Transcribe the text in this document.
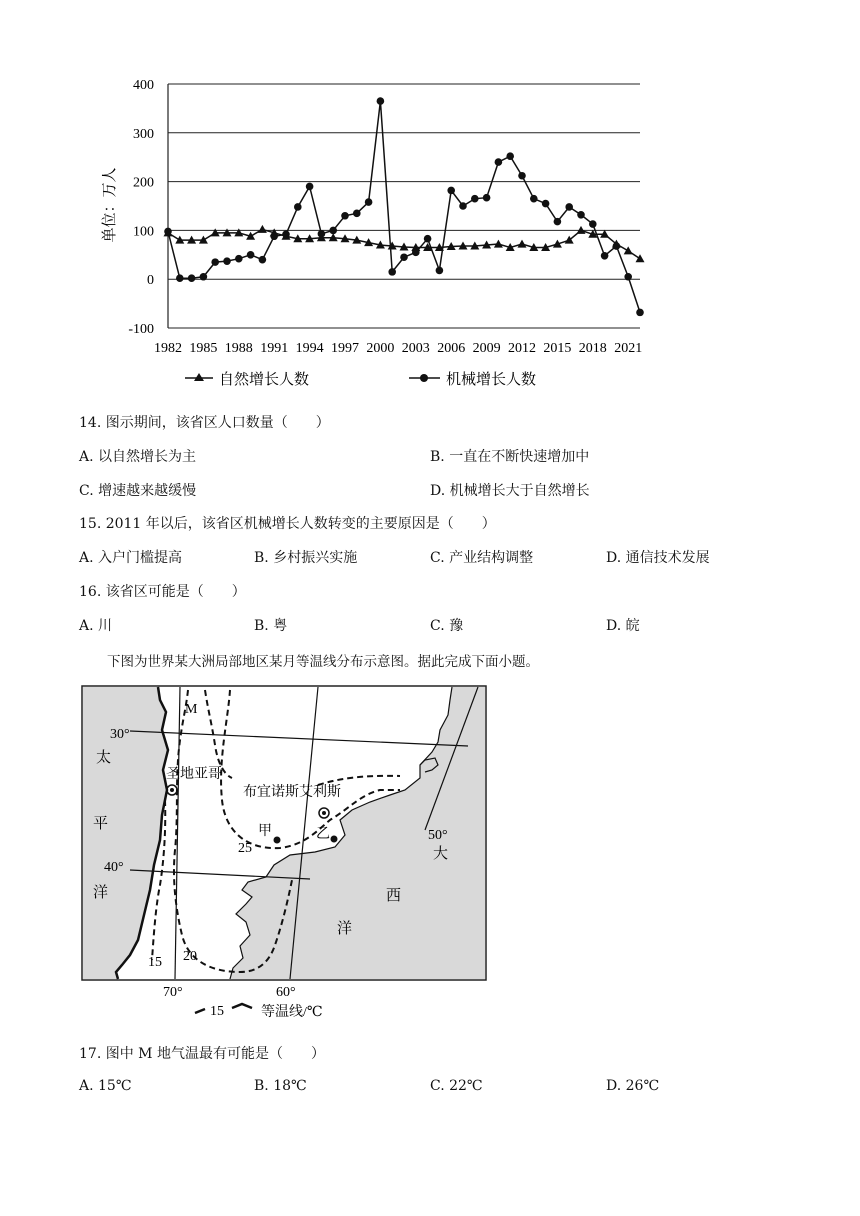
400
300
200
100
0
-100
1982 1985 1988 1991 1994 1997 2000 2003 2006 2009 2012 2015 2018 2021
单位：万人
自然增长人数	机械增长人数
14. 图示期间，该省区人口数量（　　）
A. 以自然增长为主	B. 一直在不断快速增加中
C. 增速越来越缓慢	D. 机械增长大于自然增长
15. 2011 年以后，该省区机械增长人数转变的主要原因是（　　）
A. 入户门槛提高	B. 乡村振兴实施	C. 产业结构调整	D. 通信技术发展
16. 该省区可能是（　　）
A. 川	B. 粤	C. 豫	D. 皖
下图为世界某大洲局部地区某月等温线分布示意图。据此完成下面小题。
M
30°
40°
圣地亚哥
布宜诺斯艾利斯
甲	乙
25
20
15
50°
太
平
洋
大
西
洋
70°	60°
15	等温线/℃
17. 图中 M 地气温最有可能是（　　）
A. 15℃	B. 18℃	C. 22℃	D. 26℃
